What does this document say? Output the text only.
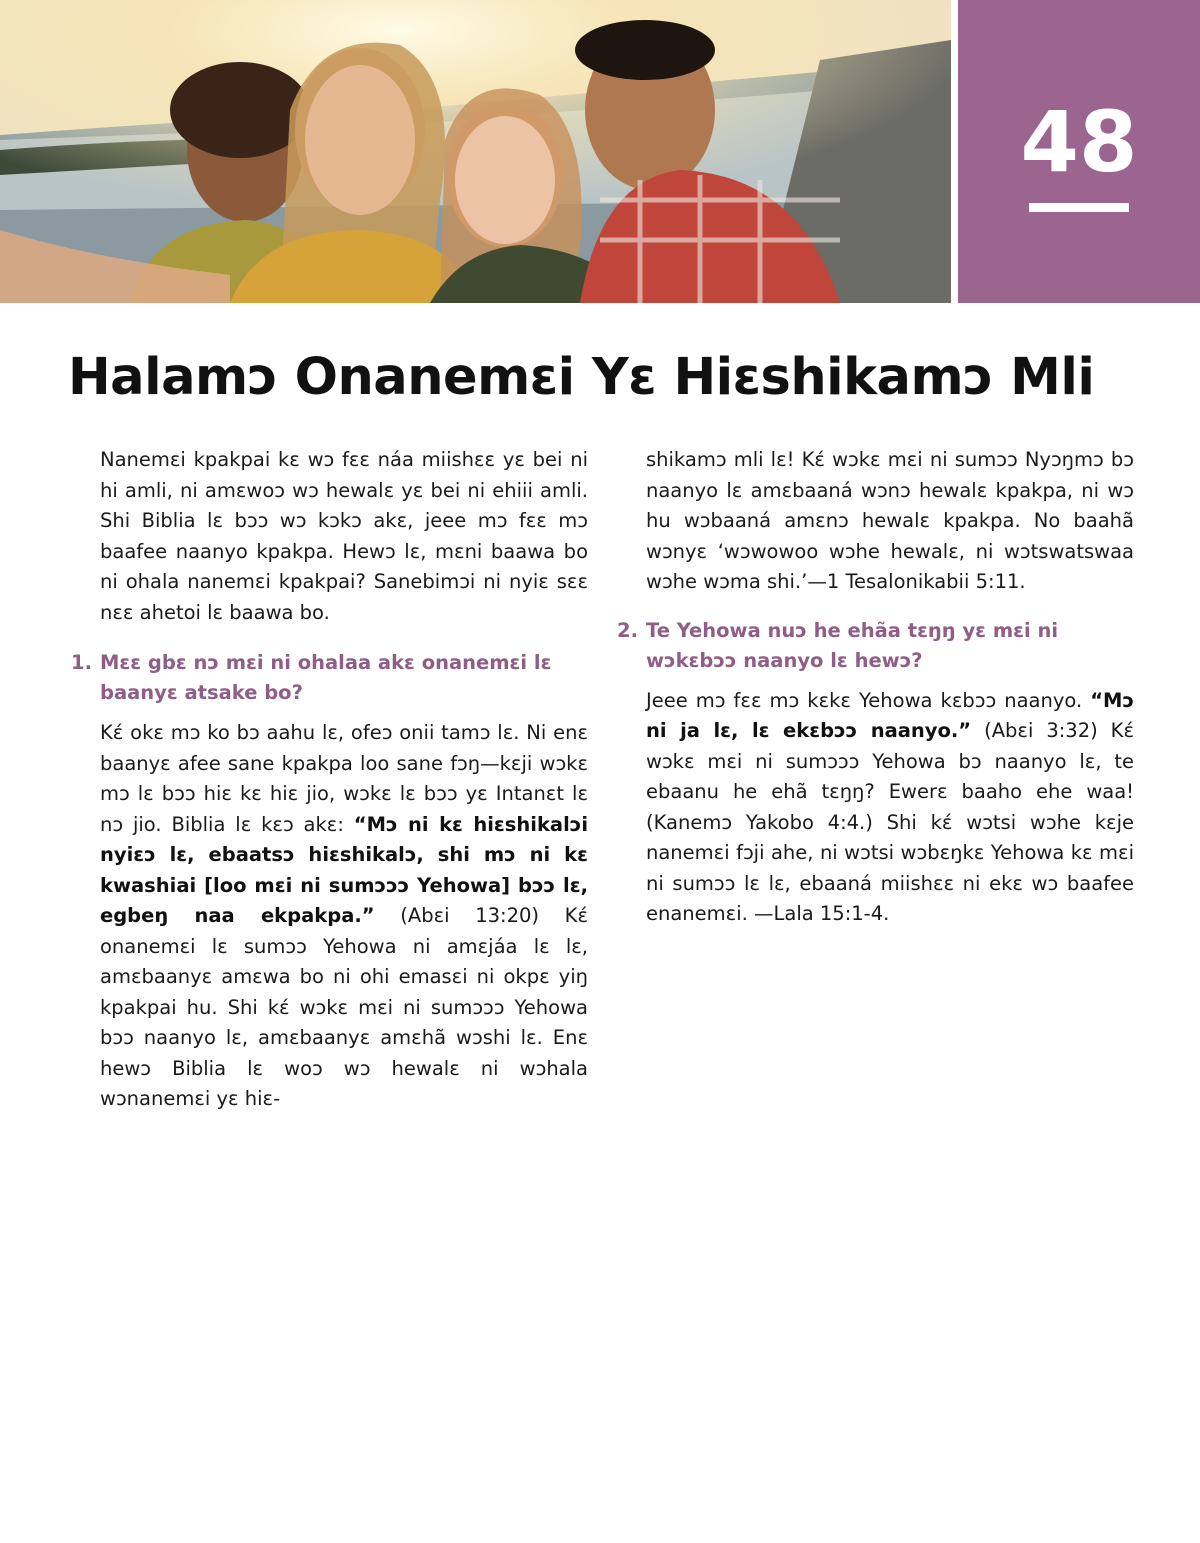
48
Halamɔ Onanemɛi Yɛ Hiɛshikamɔ Mli

Nanemɛi kpakpai kɛ wɔ fɛɛ náa miishɛɛ yɛ bei ni hi amli, ni amɛwoɔ wɔ hewalɛ yɛ bei ni ehiii amli. Shi Biblia lɛ bɔɔ wɔ kɔkɔ akɛ, jeee mɔ fɛɛ mɔ baafee naanyo kpakpa. Hewɔ lɛ, mɛni baawa bo ni ohala nanemɛi kpakpai? Sanebimɔi ni nyiɛ sɛɛ nɛɛ ahetoi lɛ baawa bo.

1. Mɛɛ gbɛ nɔ mɛi ni ohalaa akɛ onanemɛi lɛ baanyɛ atsake bo?

Kɛ́ okɛ mɔ ko bɔ aahu lɛ, ofeɔ onii tamɔ lɛ. Ni enɛ baanyɛ afee sane kpakpa loo sane fɔŋ—kɛji wɔkɛ mɔ lɛ bɔɔ hiɛ kɛ hiɛ jio, wɔkɛ lɛ bɔɔ yɛ Intanɛt lɛ nɔ jio. Biblia lɛ kɛɔ akɛ: “Mɔ ni kɛ hiɛshikalɔi nyiɛɔ lɛ, ebaatsɔ hiɛshikalɔ, shi mɔ ni kɛ kwashiai [loo mɛi ni sumɔɔɔ Yehowa] bɔɔ lɛ, egbeŋ naa ekpakpa.” (Abɛi 13:20) Kɛ́ onanemɛi lɛ sumɔɔ Yehowa ni amɛjáa lɛ lɛ, amɛbaanyɛ amɛwa bo ni ohi emasɛi ni okpɛ yiŋ kpakpai hu. Shi kɛ́ wɔkɛ mɛi ni sumɔɔɔ Yehowa bɔɔ naanyo lɛ, amɛbaanyɛ amɛhã wɔshi lɛ. Enɛ hewɔ Biblia lɛ woɔ wɔ hewalɛ ni wɔhala wɔnanemɛi yɛ hiɛ-

shikamɔ mli lɛ! Kɛ́ wɔkɛ mɛi ni sumɔɔ Nyɔŋmɔ bɔ naanyo lɛ amɛbaaná wɔnɔ hewalɛ kpakpa, ni wɔ hu wɔbaaná amɛnɔ hewalɛ kpakpa. No baahã wɔnyɛ ‘wɔwowoo wɔhe hewalɛ, ni wɔtswatswaa wɔhe wɔma shi.’—1 Tesalonikabii 5:11.

2. Te Yehowa nuɔ he ehãa tɛŋŋ yɛ mɛi ni wɔkɛbɔɔ naanyo lɛ hewɔ?

Jeee mɔ fɛɛ mɔ kɛkɛ Yehowa kɛbɔɔ naanyo. “Mɔ ni ja lɛ, lɛ ekɛbɔɔ naanyo.” (Abɛi 3:32) Kɛ́ wɔkɛ mɛi ni sumɔɔɔ Yehowa bɔ naanyo lɛ, te ebaanu he ehã tɛŋŋ? Ewerɛ baaho ehe waa! (Kanemɔ Yakobo 4:4.) Shi kɛ́ wɔtsi wɔhe kɛje nanemɛi fɔji ahe, ni wɔtsi wɔbɛŋkɛ Yehowa kɛ mɛi ni sumɔɔ lɛ lɛ, ebaaná miishɛɛ ni ekɛ wɔ baafee enanemɛi. —Lala 15:1-4.
